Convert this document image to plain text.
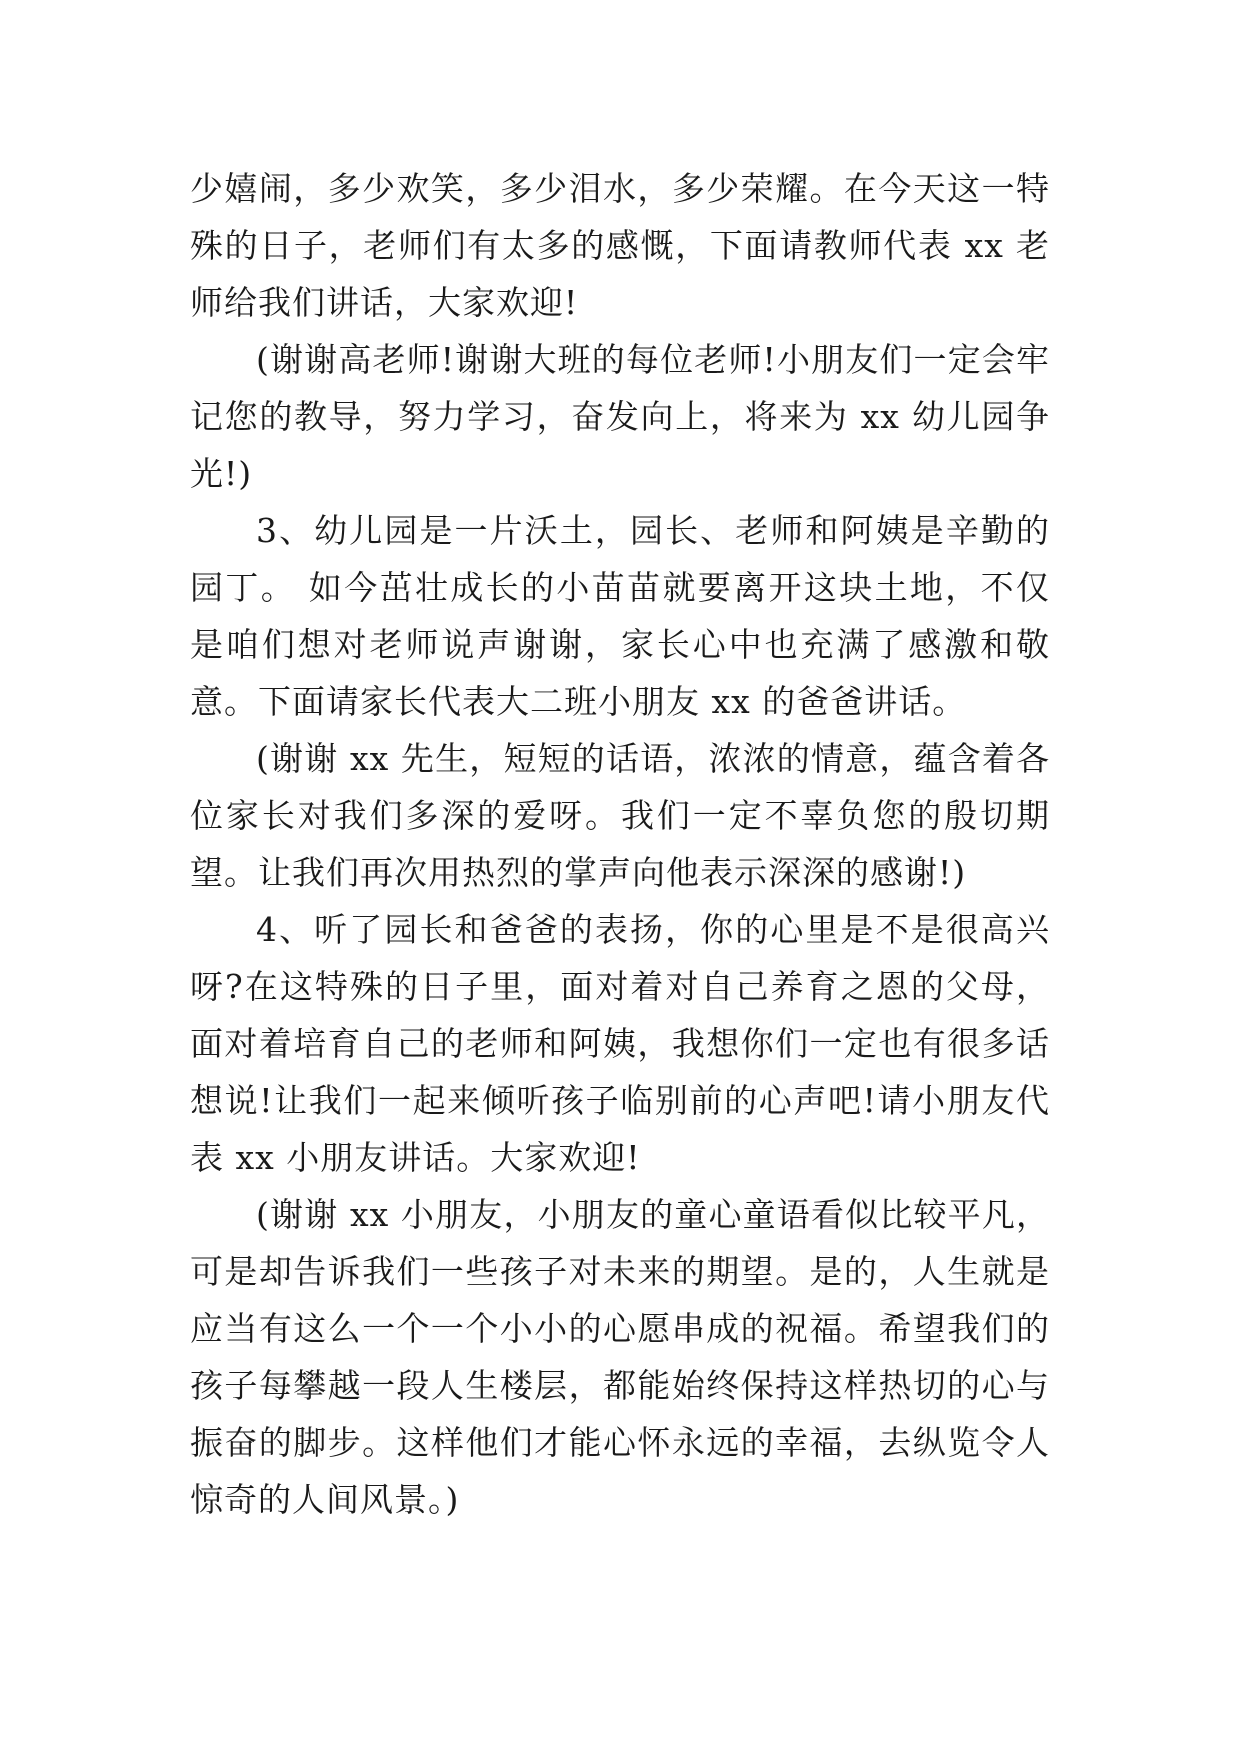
少嬉闹，多少欢笑，多少泪水，多少荣耀。在今天这一特殊的日子，老师们有太多的感慨，下面请教师代表 xx 老师给我们讲话，大家欢迎!

(谢谢高老师!谢谢大班的每位老师!小朋友们一定会牢记您的教导，努力学习，奋发向上，将来为 xx 幼儿园争光!)

3、幼儿园是一片沃土，园长、老师和阿姨是辛勤的园丁。 如今茁壮成长的小苗苗就要离开这块土地，不仅是咱们想对老师说声谢谢，家长心中也充满了感激和敬意。下面请家长代表大二班小朋友 xx 的爸爸讲话。

(谢谢 xx 先生，短短的话语，浓浓的情意，蕴含着各位家长对我们多深的爱呀。我们一定不辜负您的殷切期望。让我们再次用热烈的掌声向他表示深深的感谢!)

4、听了园长和爸爸的表扬，你的心里是不是很高兴呀?在这特殊的日子里，面对着对自己养育之恩的父母，面对着培育自己的老师和阿姨，我想你们一定也有很多话想说!让我们一起来倾听孩子临别前的心声吧!请小朋友代表 xx 小朋友讲话。大家欢迎!

(谢谢 xx 小朋友，小朋友的童心童语看似比较平凡，可是却告诉我们一些孩子对未来的期望。是的，人生就是应当有这么一个一个小小的心愿串成的祝福。希望我们的孩子每攀越一段人生楼层，都能始终保持这样热切的心与振奋的脚步。这样他们才能心怀永远的幸福，去纵览令人惊奇的人间风景。)
